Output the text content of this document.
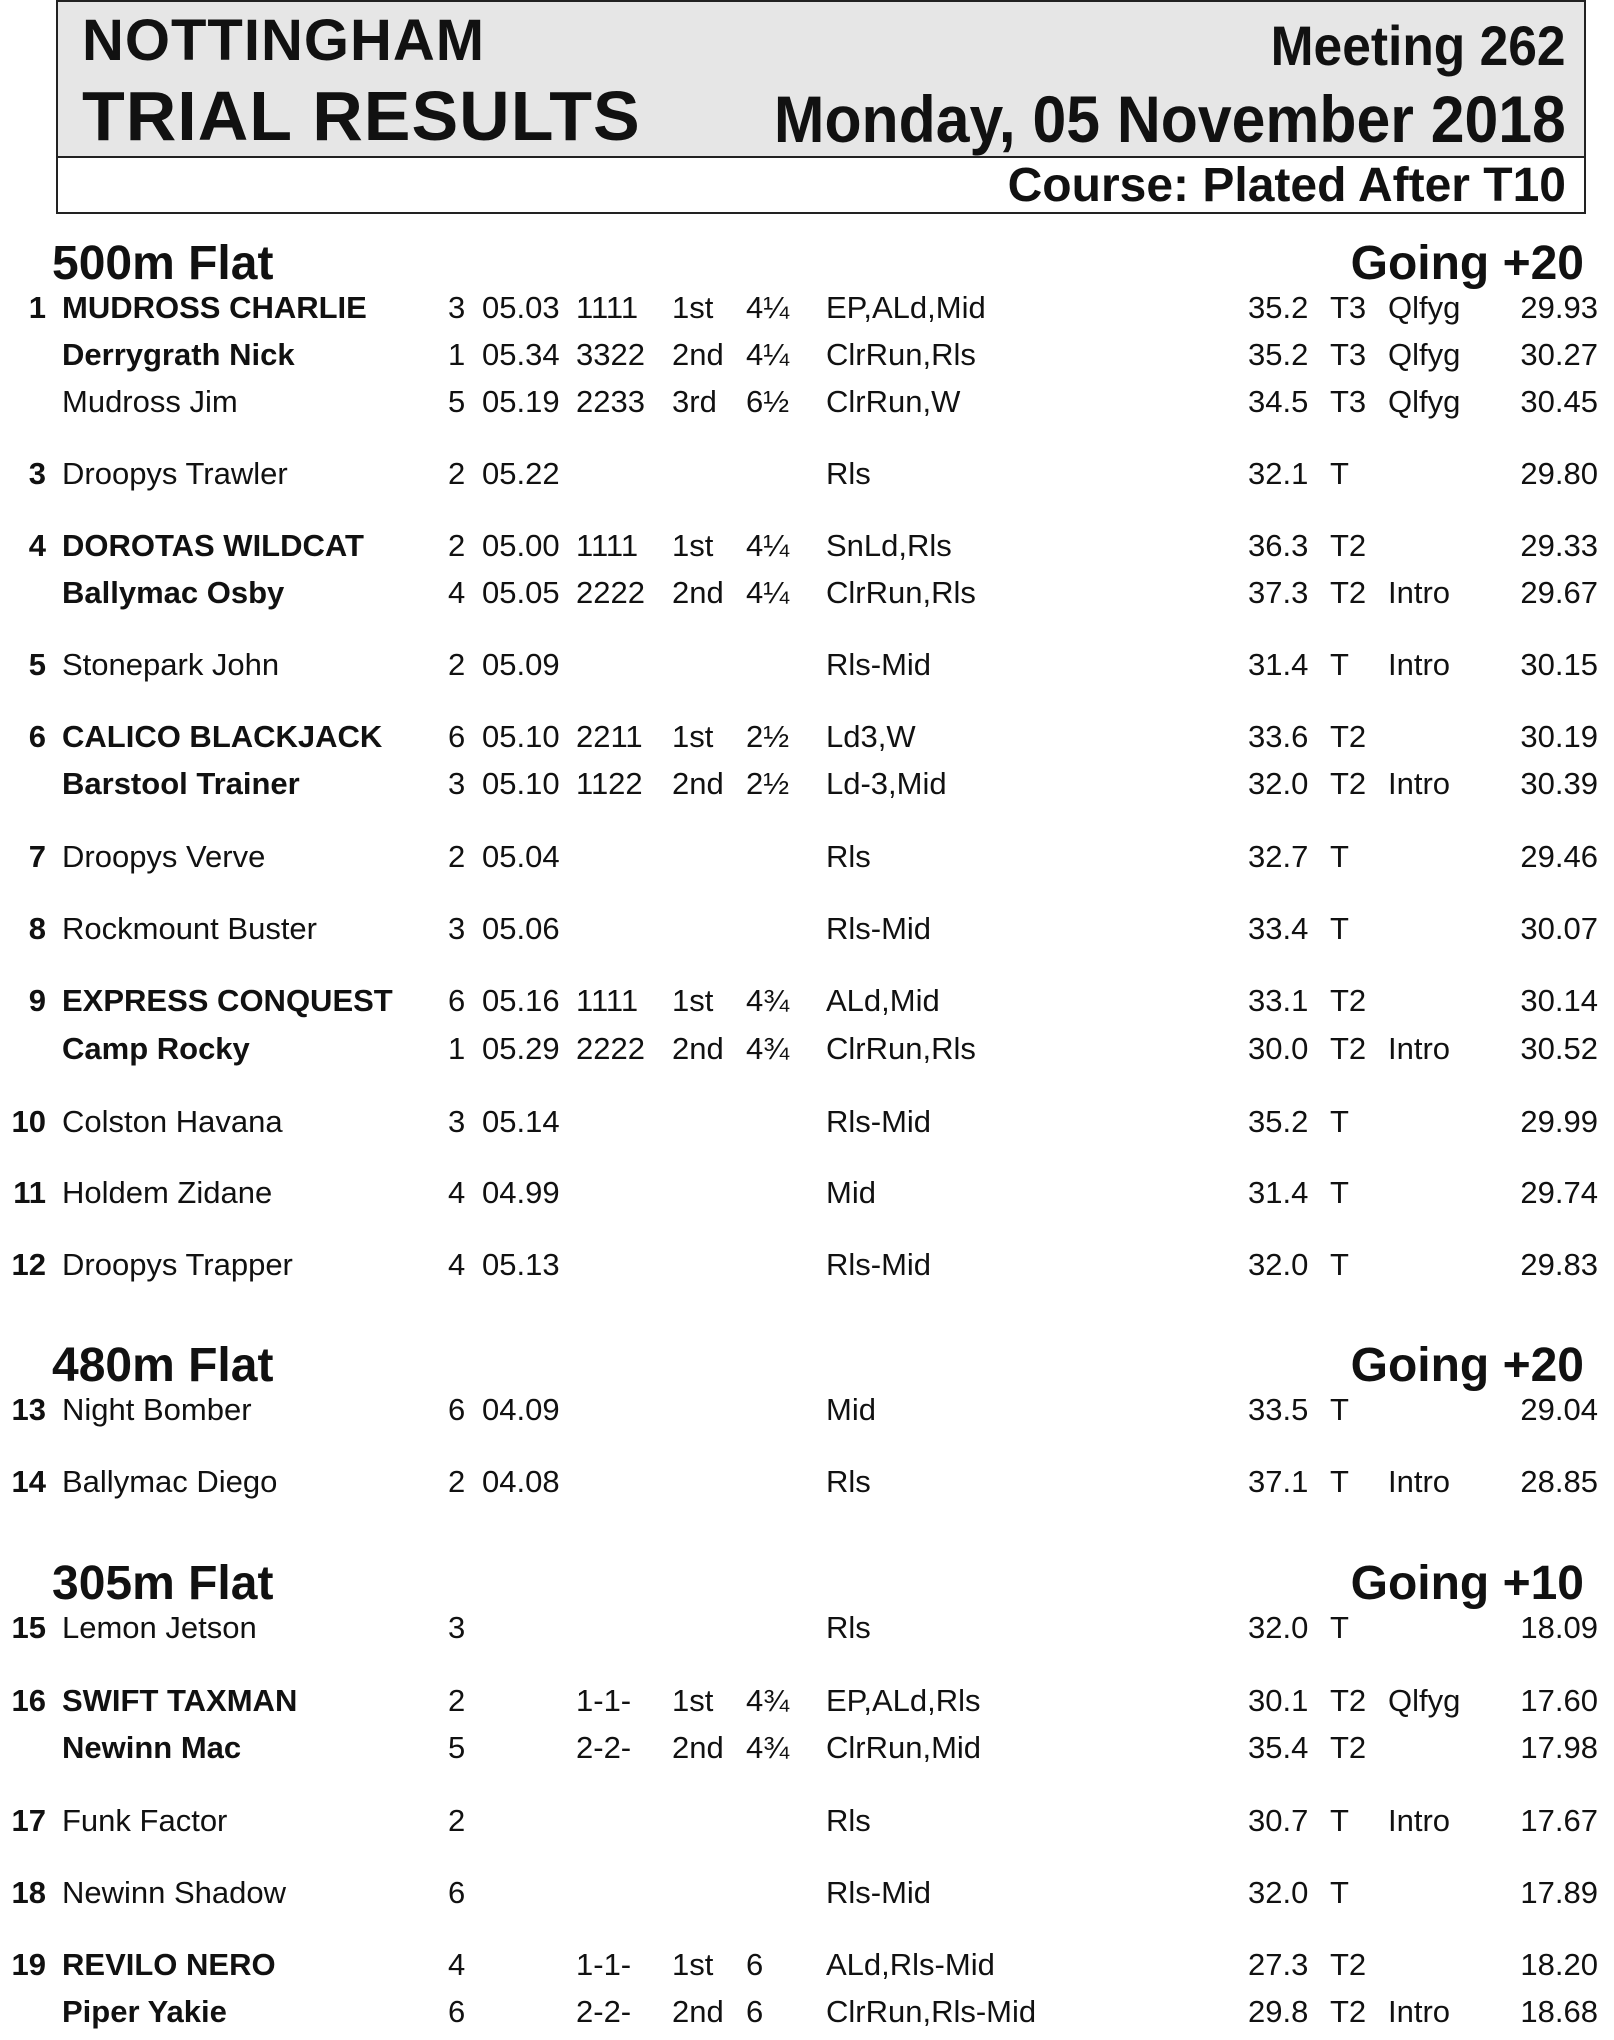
NOTTINGHAM
TRIAL RESULTS
Meeting 262
Monday, 05 November 2018
Course: Plated After T10
500m Flat	Going +20
1 MUDROSS CHARLIE	3 05.03 1111 1st 4¼ EP,ALd,Mid	35.2 T3 Qlfyg 29.93
Derrygrath Nick	1 05.34 3322 2nd 4¼ ClrRun,Rls	35.2 T3 Qlfyg 30.27
Mudross Jim	5 05.19 2233 3rd 6½ ClrRun,W	34.5 T3 Qlfyg 30.45
3 Droopys Trawler	2 05.22	Rls	32.1 T	29.80
4 DOROTAS WILDCAT	2 05.00 1111 1st 4¼ SnLd,Rls	36.3 T2	29.33
Ballymac Osby	4 05.05 2222 2nd 4¼ ClrRun,Rls	37.3 T2 Intro 29.67
5 Stonepark John	2 05.09	Rls-Mid	31.4 T Intro 30.15
6 CALICO BLACKJACK 6 05.10 2211 1st 2½ Ld3,W	33.6 T2	30.19
Barstool Trainer	3 05.10 1122 2nd 2½ Ld-3,Mid	32.0 T2 Intro 30.39
7 Droopys Verve	2 05.04	Rls	32.7 T	29.46
8 Rockmount Buster	3 05.06	Rls-Mid	33.4 T	30.07
9 EXPRESS CONQUEST 6 05.16 1111 1st 4¾ ALd,Mid	33.1 T2	30.14
Camp Rocky	1 05.29 2222 2nd 4¾ ClrRun,Rls	30.0 T2 Intro 30.52
10 Colston Havana	3 05.14	Rls-Mid	35.2 T	29.99
11 Holdem Zidane	4 04.99	Mid	31.4 T	29.74
12 Droopys Trapper	4 05.13	Rls-Mid	32.0 T	29.83
480m Flat	Going +20
13 Night Bomber	6 04.09	Mid	33.5 T	29.04
14 Ballymac Diego	2 04.08	Rls	37.1 T Intro 28.85
305m Flat	Going +10
15 Lemon Jetson	3	Rls	32.0 T	18.09
16 SWIFT TAXMAN	2	1-1- 1st 4¾ EP,ALd,Rls	30.1 T2 Qlfyg 17.60
Newinn Mac	5	2-2- 2nd 4¾ ClrRun,Mid	35.4 T2	17.98
17 Funk Factor	2	Rls	30.7 T Intro 17.67
18 Newinn Shadow	6	Rls-Mid	32.0 T	17.89
19 REVILO NERO	4	1-1- 1st 6 ALd,Rls-Mid	27.3 T2	18.20
Piper Yakie	6	2-2- 2nd 6 ClrRun,Rls-Mid	29.8 T2 Intro 18.68
